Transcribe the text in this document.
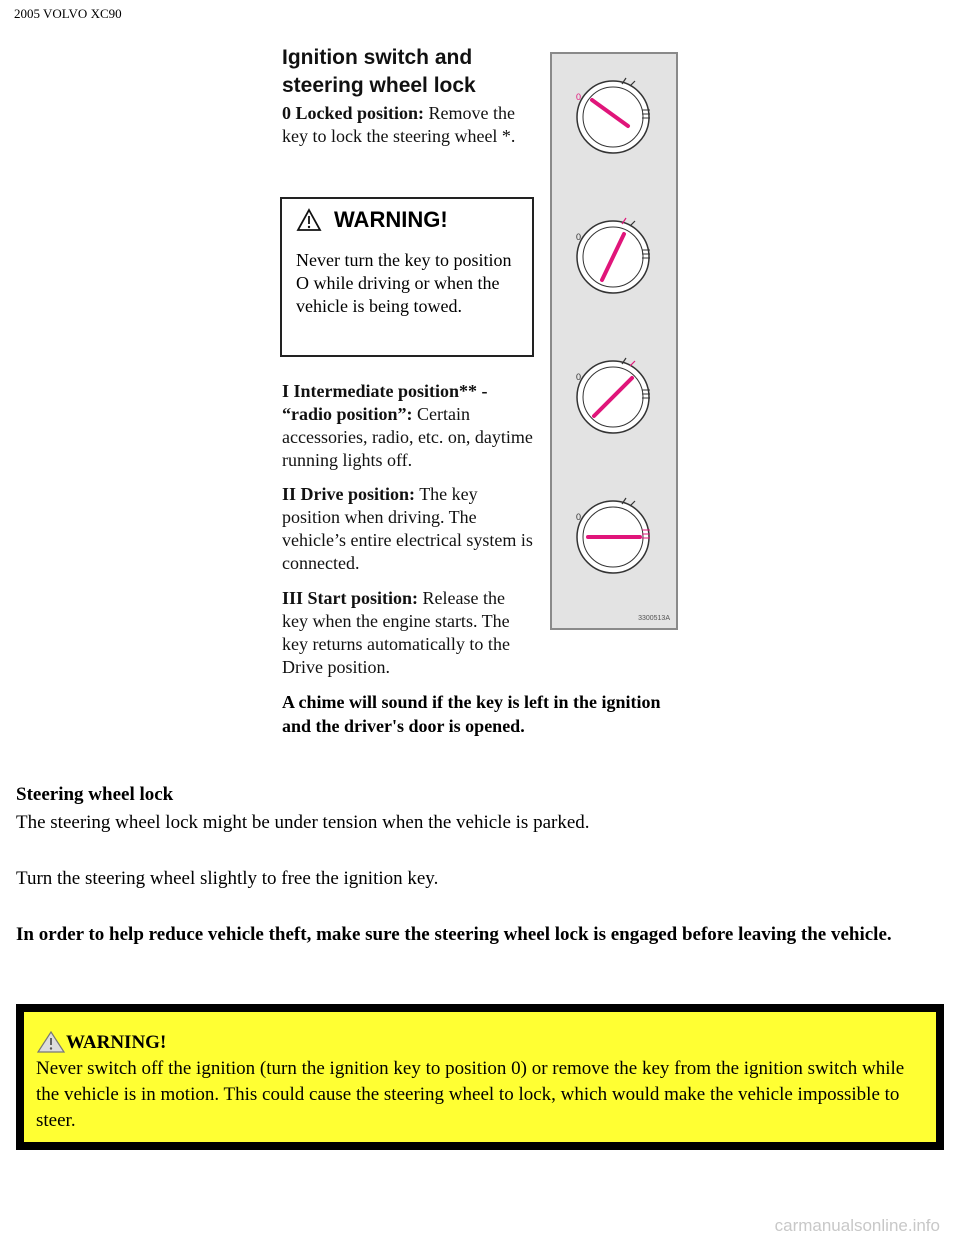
2005 VOLVO XC90
Ignition switch and
steering wheel lock
0 Locked position: Remove the key to lock the steering wheel *.
WARNING!
Never turn the key to position O while driving or when the vehicle is being towed.
I Intermediate position** - “radio position”: Certain accessories, radio, etc. on, daytime running lights off.
II Drive position: The key position when driving. The vehicle’s entire electrical system is connected.
III Start position: Release the key when the engine starts. The key returns automatically to the Drive position.
A chime will sound if the key is left in the ignition and the driver's door is opened.
0
0
0
0
3300513A
Steering wheel lock
The steering wheel lock might be under tension when the vehicle is parked.
Turn the steering wheel slightly to free the ignition key.
In order to help reduce vehicle theft, make sure the steering wheel lock is engaged before leaving the vehicle.
WARNING!
Never switch off the ignition (turn the ignition key to position 0) or remove the key from the ignition switch while the vehicle is in motion. This could cause the steering wheel to lock, which would make the vehicle impossible to steer.
carmanualsonline.info
